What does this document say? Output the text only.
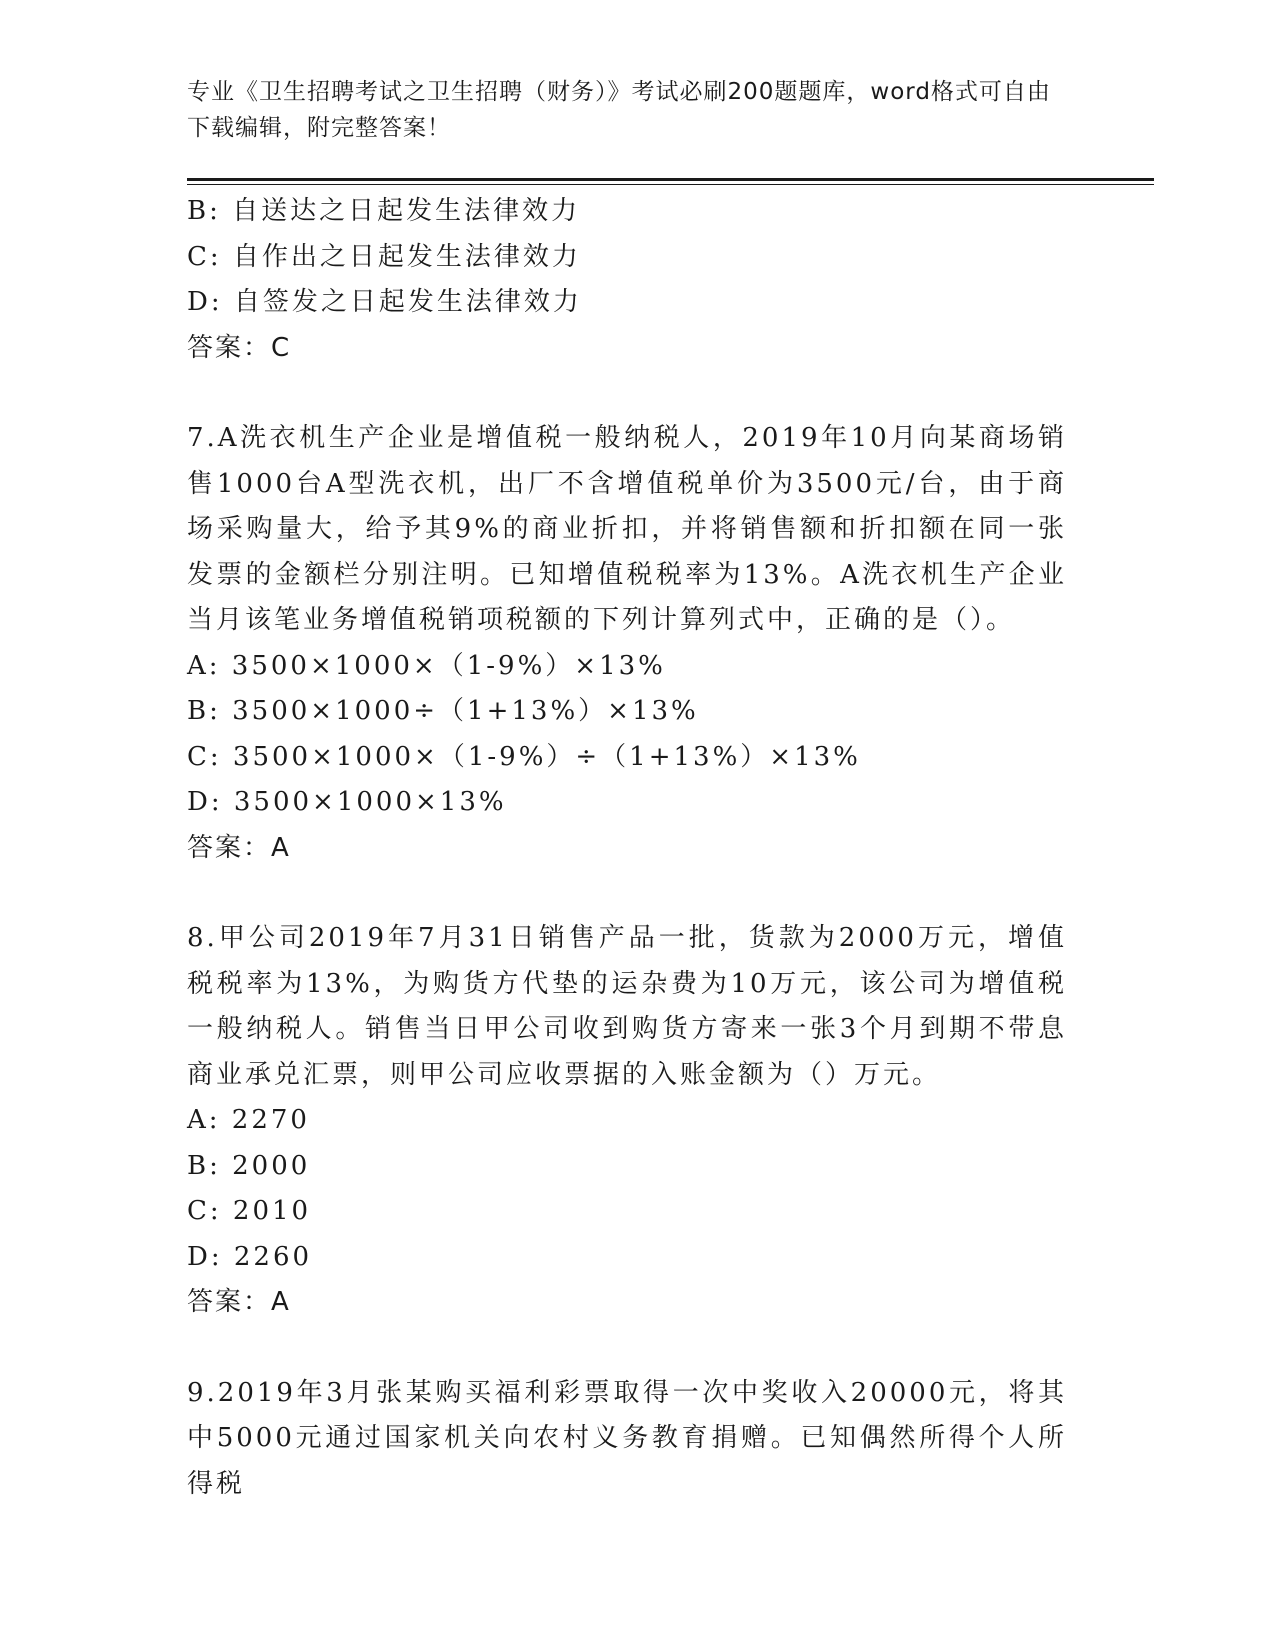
专业《卫生招聘考试之卫生招聘（财务）》考试必刷200题题库，word格式可自由下载编辑，附完整答案！
B: 自送达之日起发生法律效力
C: 自作出之日起发生法律效力
D: 自签发之日起发生法律效力
答案：C
7.A洗衣机生产企业是增值税一般纳税人，2019年10月向某商场销售1000台A型洗衣机，出厂不含增值税单价为3500元/台，由于商场采购量大，给予其9%的商业折扣，并将销售额和折扣额在同一张发票的金额栏分别注明。已知增值税税率为13%。A洗衣机生产企业当月该笔业务增值税销项税额的下列计算列式中，正确的是（）。
A: 3500×1000×（1-9%）×13%
B: 3500×1000÷（1+13%）×13%
C: 3500×1000×（1-9%）÷（1+13%）×13%
D: 3500×1000×13%
答案：A
8.甲公司2019年7月31日销售产品一批，货款为2000万元，增值税税率为13%，为购货方代垫的运杂费为10万元，该公司为增值税一般纳税人。销售当日甲公司收到购货方寄来一张3个月到期不带息商业承兑汇票，则甲公司应收票据的入账金额为（）万元。
A: 2270
B: 2000
C: 2010
D: 2260
答案：A
9.2019年3月张某购买福利彩票取得一次中奖收入20000元，将其中5000元通过国家机关向农村义务教育捐赠。已知偶然所得个人所得税
